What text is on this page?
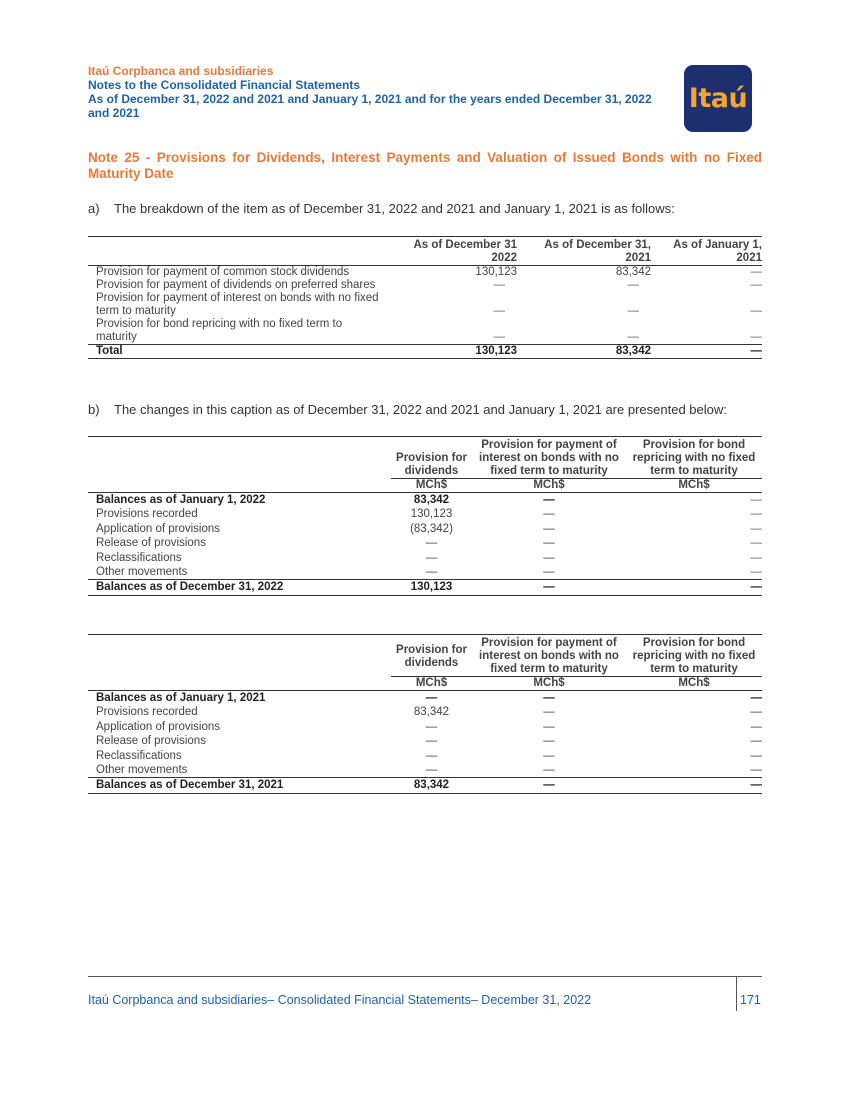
Itaú Corpbanca and subsidiaries
Notes to the Consolidated Financial Statements
As of December 31, 2022 and 2021 and January 1, 2021 and for the years ended December 31, 2022
and 2021	Itaú
Note 25 - Provisions for Dividends, Interest Payments and Valuation of Issued Bonds with no Fixed Maturity Date
a) The breakdown of the item as of December 31, 2022 and 2021 and January 1, 2021 is as follows:
	As of December 31 2022	As of December 31, 2021	As of January 1, 2021
Provision for payment of common stock dividends	130,123	83,342	—
Provision for payment of dividends on preferred shares	—	—	—
Provision for payment of interest on bonds with no fixed term to maturity	—	—	—
Provision for bond repricing with no fixed term to maturity	—	—	—
Total	130,123	83,342	—
b) The changes in this caption as of December 31, 2022 and 2021 and January 1, 2021 are presented below:
	Provision for dividends	Provision for payment of interest on bonds with no fixed term to maturity	Provision for bond repricing with no fixed term to maturity
	MCh$	MCh$	MCh$
Balances as of January 1, 2022	83,342	—	—
Provisions recorded	130,123	—	—
Application of provisions	(83,342)	—	—
Release of provisions	—	—	—
Reclassifications	—	—	—
Other movements	—	—	—
Balances as of December 31, 2022	130,123	—	—
	Provision for dividends	Provision for payment of interest on bonds with no fixed term to maturity	Provision for bond repricing with no fixed term to maturity
	MCh$	MCh$	MCh$
Balances as of January 1, 2021	—	—	—
Provisions recorded	83,342	—	—
Application of provisions	—	—	—
Release of provisions	—	—	—
Reclassifications	—	—	—
Other movements	—	—	—
Balances as of December 31, 2021	83,342	—	—
Itaú Corpbanca and subsidiaries– Consolidated Financial Statements– December 31, 2022	171
